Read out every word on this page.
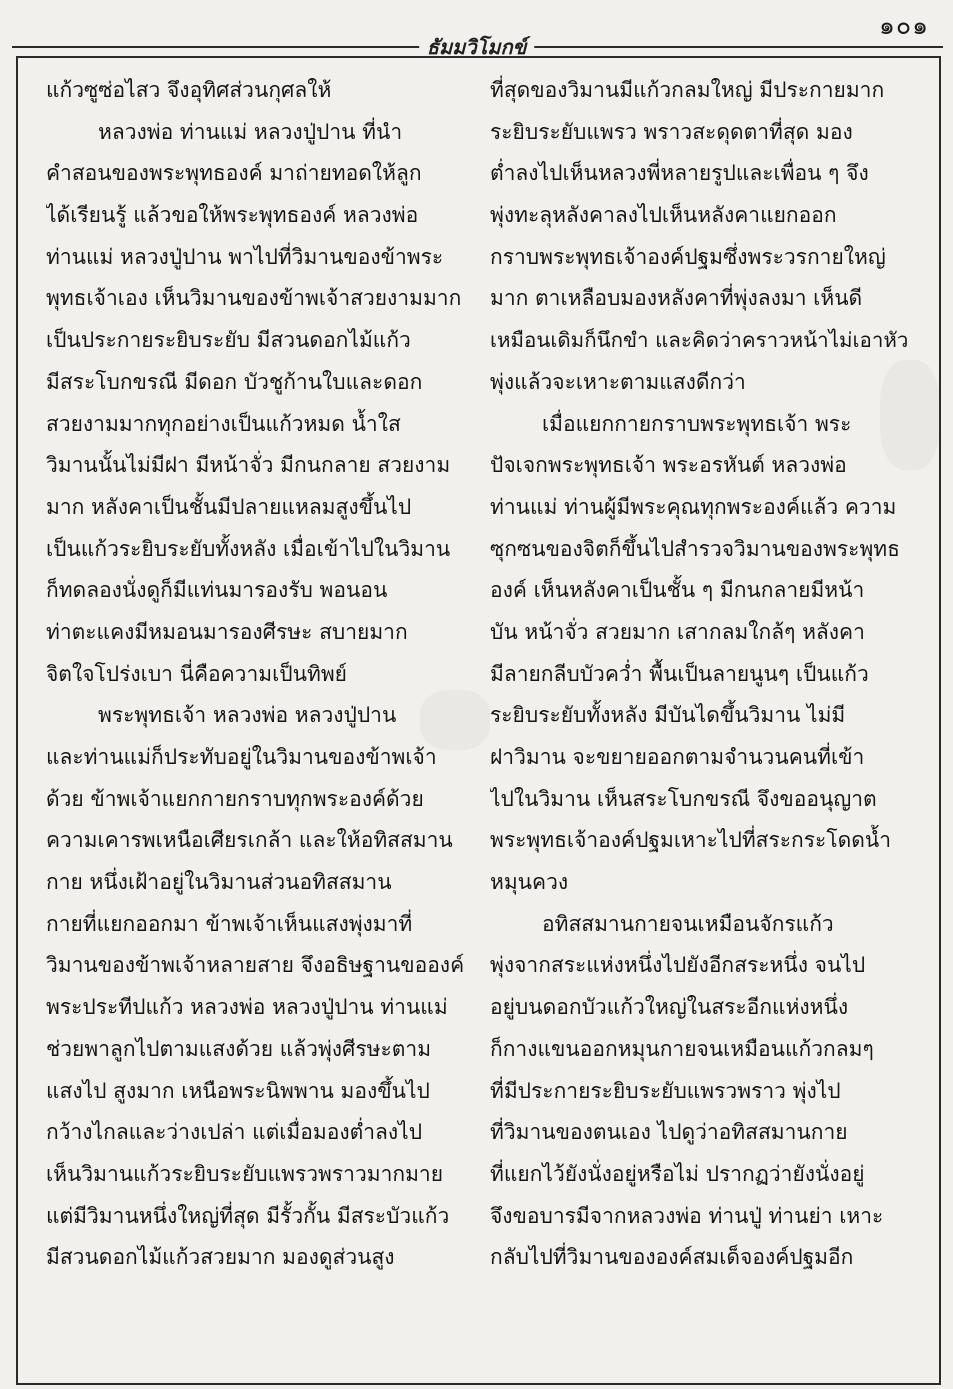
๑๐๑
ธัมมวิโมกข์
แก้วซูซ่อไสว จึงอุทิศส่วนกุศลให้
หลวงพ่อ ท่านแม่ หลวงปู่ปาน ที่นำ
คำสอนของพระพุทธองค์ มาถ่ายทอดให้ลูก
ได้เรียนรู้ แล้วขอให้พระพุทธองค์ หลวงพ่อ
ท่านแม่ หลวงปู่ปาน พาไปที่วิมานของข้าพระ
พุทธเจ้าเอง เห็นวิมานของข้าพเจ้าสวยงามมาก
เป็นประกายระยิบระยับ มีสวนดอกไม้แก้ว
มีสระโบกขรณี มีดอก บัวชูก้านใบและดอก
สวยงามมากทุกอย่างเป็นแก้วหมด น้ำใส
วิมานนั้นไม่มีฝา มีหน้าจั่ว มีกนกลาย สวยงาม
มาก หลังคาเป็นชั้นมีปลายแหลมสูงขึ้นไป
เป็นแก้วระยิบระยับทั้งหลัง เมื่อเข้าไปในวิมาน
ก็ทดลองนั่งดูก็มีแท่นมารองรับ พอนอน
ท่าตะแคงมีหมอนมารองศีรษะ สบายมาก
จิตใจโปร่งเบา นี่คือความเป็นทิพย์
พระพุทธเจ้า หลวงพ่อ หลวงปู่ปาน
และท่านแม่ก็ประทับอยู่ในวิมานของข้าพเจ้า
ด้วย ข้าพเจ้าแยกกายกราบทุกพระองค์ด้วย
ความเคารพเหนือเศียรเกล้า และให้อทิสสมาน
กาย หนึ่งเฝ้าอยู่ในวิมานส่วนอทิสสมาน
กายที่แยกออกมา ข้าพเจ้าเห็นแสงพุ่งมาที่
วิมานของข้าพเจ้าหลายสาย จึงอธิษฐานขอองค์
พระประทีปแก้ว หลวงพ่อ หลวงปู่ปาน ท่านแม่
ช่วยพาลูกไปตามแสงด้วย แล้วพุ่งศีรษะตาม
แสงไป สูงมาก เหนือพระนิพพาน มองขึ้นไป
กว้างไกลและว่างเปล่า แต่เมื่อมองต่ำลงไป
เห็นวิมานแก้วระยิบระยับแพรวพราวมากมาย
แต่มีวิมานหนึ่งใหญ่ที่สุด มีรั้วกั้น มีสระบัวแก้ว
มีสวนดอกไม้แก้วสวยมาก มองดูส่วนสูง
ที่สุดของวิมานมีแก้วกลมใหญ่ มีประกายมาก
ระยิบระยับแพรว พราวสะดุดตาที่สุด มอง
ต่ำลงไปเห็นหลวงพี่หลายรูปและเพื่อน ๆ จึง
พุ่งทะลุหลังคาลงไปเห็นหลังคาแยกออก
กราบพระพุทธเจ้าองค์ปฐมซึ่งพระวรกายใหญ่
มาก ตาเหลือบมองหลังคาที่พุ่งลงมา เห็นดี
เหมือนเดิมก็นึกขำ และคิดว่าคราวหน้าไม่เอาหัว
พุ่งแล้วจะเหาะตามแสงดีกว่า
เมื่อแยกกายกราบพระพุทธเจ้า พระ
ปัจเจกพระพุทธเจ้า พระอรหันต์ หลวงพ่อ
ท่านแม่ ท่านผู้มีพระคุณทุกพระองค์แล้ว ความ
ซุกซนของจิตก็ขึ้นไปสำรวจวิมานของพระพุทธ
องค์ เห็นหลังคาเป็นชั้น ๆ มีกนกลายมีหน้า
บัน หน้าจั่ว สวยมาก เสากลมใกล้ๆ หลังคา
มีลายกลีบบัวคว่ำ พื้นเป็นลายนูนๆ เป็นแก้ว
ระยิบระยับทั้งหลัง มีบันไดขึ้นวิมาน ไม่มี
ฝาวิมาน จะขยายออกตามจำนวนคนที่เข้า
ไปในวิมาน เห็นสระโบกขรณี จึงขออนุญาต
พระพุทธเจ้าองค์ปฐมเหาะไปที่สระกระโดดน้ำ
หมุนควง
อทิสสมานกายจนเหมือนจักรแก้ว
พุ่งจากสระแห่งหนึ่งไปยังอีกสระหนึ่ง จนไป
อยู่บนดอกบัวแก้วใหญ่ในสระอีกแห่งหนึ่ง
ก็กางแขนออกหมุนกายจนเหมือนแก้วกลมๆ
ที่มีประกายระยิบระยับแพรวพราว พุ่งไป
ที่วิมานของตนเอง ไปดูว่าอทิสสมานกาย
ที่แยกไว้ยังนั่งอยู่หรือไม่ ปรากฏว่ายังนั่งอยู่
จึงขอบารมีจากหลวงพ่อ ท่านปู่ ท่านย่า เหาะ
กลับไปที่วิมานขององค์สมเด็จองค์ปฐมอีก
